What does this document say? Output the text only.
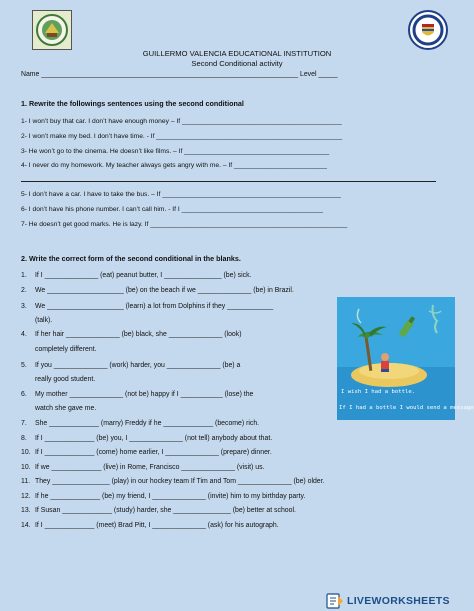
GUILLERMO VALENCIA EDUCATIONAL INSTITUTION
Second Conditional activity
Name ___________________________________________________________________ Level _____
1. Rewrite the followings sentences using the second conditional
1- I won’t buy that car. I don’t have enough money – If ___________________________________________
2- I won’t make my bed. I don’t have time. - If __________________________________________________
3- He won’t go to the cinema. He doesn’t like films. – If _______________________________________
4- I never do my homework. My teacher always gets angry with me. – If _________________________
5- I don’t have a car. I have to take the bus. – If ________________________________________________
6- I don’t have his phone number. I can’t call him. - If I ______________________________________
7- He doesn’t get good marks. He is lazy. If _____________________________________________________
2. Write the correct form of the second conditional in the blanks.
1. If I ______________ (eat) peanut butter, I _______________ (be) sick.
2. We ____________________ (be) on the beach if we ______________ (be) in Brazil.
3. We ____________________ (learn) a lot from Dolphins if they ____________
(talk).
4. If her hair ______________ (be) black, she ______________ (look)
completely different.
5. If you ______________ (work) harder, you ______________ (be) a
really good student.
6. My mother ______________ (not be) happy if I ___________ (lose) the
watch she gave me.
7. She _____________ (marry) Freddy if he _____________ (become) rich.
8. If I _____________ (be) you, I ______________ (not tell) anybody about that.
10. If I _____________ (come) home earlier, I ______________ (prepare) dinner.
10. If we _____________ (live) in Rome, Francisco ______________ (visit) us.
11. They _______________ (play) in our hockey team If Tim and Tom ______________ (be) older.
12. If he _____________ (be) my friend, I ______________ (invite) him to my birthday party.
13. If Susan _____________ (study) harder, she _______________ (be) better at school.
14. If I _____________ (meet) Brad Pitt, I ______________ (ask) for his autograph.
I wish I had a bottle.
If I had a bottle I would send a message
LIVEWORKSHEETS
